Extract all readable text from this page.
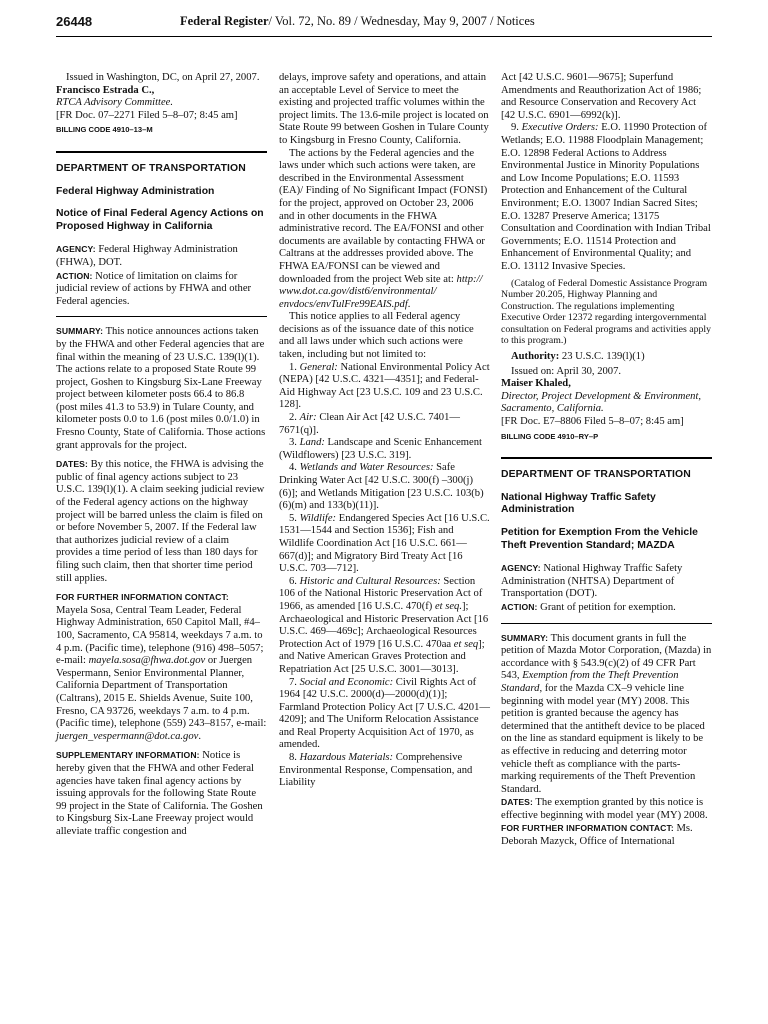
26448	Federal Register/ Vol. 72, No. 89 / Wednesday, May 9, 2007 / Notices

Issued in Washington, DC, on April 27, 2007.

Francisco Estrada C.,

RTCA Advisory Committee.

[FR Doc. 07–2271 Filed 5–8–07; 8:45 am]

BILLING CODE 4910–13–M

DEPARTMENT OF TRANSPORTATION
Federal Highway Administration
Notice of Final Federal Agency Actions on Proposed Highway in California

AGENCY: Federal Highway Administration (FHWA), DOT.

ACTION: Notice of limitation on claims for judicial review of actions by FHWA and other Federal agencies.

SUMMARY: This notice announces actions taken by the FHWA and other Federal agencies that are final within the meaning of 23 U.S.C. 139(l)(1). The actions relate to a proposed State Route 99 project, Goshen to Kingsburg Six-Lane Freeway project between kilometer posts 66.4 to 86.8 (post miles 41.3 to 53.9) in Tulare County, and kilometer posts 0.0 to 1.6 (post miles 0.0/1.0) in Fresno County, State of California. Those actions grant approvals for the project.

DATES: By this notice, the FHWA is advising the public of final agency actions subject to 23 U.S.C. 139(l)(1). A claim seeking judicial review of the Federal agency actions on the highway project will be barred unless the claim is filed on or before November 5, 2007. If the Federal law that authorizes judicial review of a claim provides a time period of less than 180 days for filing such claim, then that shorter time period still applies.

FOR FURTHER INFORMATION CONTACT:
Mayela Sosa, Central Team Leader, Federal Highway Administration, 650 Capitol Mall, #4–100, Sacramento, CA 95814, weekdays 7 a.m. to 4 p.m. (Pacific time), telephone (916) 498–5057; e-mail: mayela.sosa@fhwa.dot.gov or Juergen Vespermann, Senior Environmental Planner, California Department of Transportation (Caltrans), 2015 E. Shields Avenue, Suite 100, Fresno, CA 93726, weekdays 7 a.m. to 4 p.m. (Pacific time), telephone (559) 243–8157, e-mail: juergen_vespermann@dot.ca.gov.

SUPPLEMENTARY INFORMATION: Notice is hereby given that the FHWA and other Federal agencies have taken final agency actions by issuing approvals for the following State Route 99 project in the State of California. The Goshen to Kingsburg Six-Lane Freeway project would alleviate traffic congestion and

delays, improve safety and operations, and attain an acceptable Level of Service to meet the existing and projected traffic volumes within the project limits. The 13.6-mile project is located on State Route 99 between Goshen in Tulare County to Kingsburg in Fresno County, California.

The actions by the Federal agencies and the laws under which such actions were taken, are described in the Environmental Assessment (EA)/ Finding of No Significant Impact (FONSI) for the project, approved on October 23, 2006 and in other documents in the FHWA administrative record. The EA/FONSI and other documents are available by contacting FHWA or Caltrans at the addresses provided above. The FHWA EA/FONSI can be viewed and downloaded from the project Web site at: http:// www.dot.ca.gov/dist6/environmental/ envdocs/envTulFre99EAIS.pdf.

This notice applies to all Federal agency decisions as of the issuance date of this notice and all laws under which such actions were taken, including but not limited to:

1. General: National Environmental Policy Act (NEPA) [42 U.S.C. 4321—4351]; and Federal-Aid Highway Act [23 U.S.C. 109 and 23 U.S.C. 128].

2. Air: Clean Air Act [42 U.S.C. 7401—7671(q)].

3. Land: Landscape and Scenic Enhancement (Wildflowers) [23 U.S.C. 319].

4. Wetlands and Water Resources: Safe Drinking Water Act [42 U.S.C. 300(f) –300(j)(6)]; and Wetlands Mitigation [23 U.S.C. 103(b)(6)(m) and 133(b)(11)].

5. Wildlife: Endangered Species Act [16 U.S.C. 1531—1544 and Section 1536]; Fish and Wildlife Coordination Act [16 U.S.C. 661—667(d)]; and Migratory Bird Treaty Act [16 U.S.C. 703—712].

6. Historic and Cultural Resources: Section 106 of the National Historic Preservation Act of 1966, as amended [16 U.S.C. 470(f) et seq.]; Archaeological and Historic Preservation Act [16 U.S.C. 469—469c]; Archaeological Resources Protection Act of 1979 [16 U.S.C. 470aa et seq]; and Native American Graves Protection and Repatriation Act [25 U.S.C. 3001—3013].

7. Social and Economic: Civil Rights Act of 1964 [42 U.S.C. 2000(d)—2000(d)(1)]; Farmland Protection Policy Act [7 U.S.C. 4201—4209]; and The Uniform Relocation Assistance and Real Property Acquisition Act of 1970, as amended.

8. Hazardous Materials: Comprehensive Environmental Response, Compensation, and Liability

Act [42 U.S.C. 9601—9675]; Superfund Amendments and Reauthorization Act of 1986; and Resource Conservation and Recovery Act [42 U.S.C. 6901—6992(k)].

9. Executive Orders: E.O. 11990 Protection of Wetlands; E.O. 11988 Floodplain Management; E.O. 12898 Federal Actions to Address Environmental Justice in Minority Populations and Low Income Populations; E.O. 11593 Protection and Enhancement of the Cultural Environment; E.O. 13007 Indian Sacred Sites; E.O. 13287 Preserve America; 13175 Consultation and Coordination with Indian Tribal Governments; E.O. 11514 Protection and Enhancement of Environmental Quality; and E.O. 13112 Invasive Species.

(Catalog of Federal Domestic Assistance Program Number 20.205, Highway Planning and Construction. The regulations implementing Executive Order 12372 regarding intergovernmental consultation on Federal programs and activities apply to this program.)

Authority: 23 U.S.C. 139(l)(1)

Issued on: April 30, 2007.

Maiser Khaled,

Director, Project Development & Environment, Sacramento, California.

[FR Doc. E7–8806 Filed 5–8–07; 8:45 am]

BILLING CODE 4910–RY–P

DEPARTMENT OF TRANSPORTATION
National Highway Traffic Safety Administration
Petition for Exemption From the Vehicle Theft Prevention Standard; MAZDA

AGENCY: National Highway Traffic Safety Administration (NHTSA) Department of Transportation (DOT).

ACTION: Grant of petition for exemption.

SUMMARY: This document grants in full the petition of Mazda Motor Corporation, (Mazda) in accordance with § 543.9(c)(2) of 49 CFR Part 543, Exemption from the Theft Prevention Standard, for the Mazda CX–9 vehicle line beginning with model year (MY) 2008. This petition is granted because the agency has determined that the antitheft device to be placed on the line as standard equipment is likely to be as effective in reducing and deterring motor vehicle theft as compliance with the parts-marking requirements of the Theft Prevention Standard.

DATES: The exemption granted by this notice is effective beginning with model year (MY) 2008.

FOR FURTHER INFORMATION CONTACT: Ms. Deborah Mazyck, Office of International
